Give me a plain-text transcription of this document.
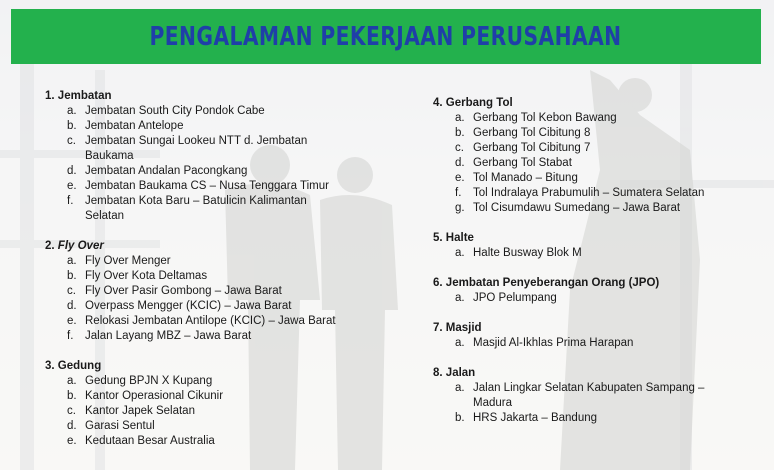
PENGALAMAN PEKERJAAN PERUSAHAAN
1. Jembatan
a. Jembatan South City Pondok Cabe
b. Jembatan Antelope
c. Jembatan Sungai Lookeu NTT d. Jembatan Baukama
d. Jembatan Andalan Pacongkang
e. Jembatan Baukama CS – Nusa Tenggara Timur
f. Jembatan Kota Baru – Batulicin Kalimantan Selatan
2. Fly Over
a. Fly Over Menger
b. Fly Over Kota Deltamas
c. Fly Over Pasir Gombong – Jawa Barat
d. Overpass Mengger (KCIC) – Jawa Barat
e. Relokasi Jembatan Antilope (KCIC) – Jawa Barat
f. Jalan Layang MBZ – Jawa Barat
3. Gedung
a. Gedung BPJN X Kupang
b. Kantor Operasional Cikunir
c. Kantor Japek Selatan
d. Garasi Sentul
e. Kedutaan Besar Australia
4. Gerbang Tol
a. Gerbang Tol Kebon Bawang
b. Gerbang Tol Cibitung 8
c. Gerbang Tol Cibitung 7
d. Gerbang Tol Stabat
e. Tol Manado – Bitung
f. Tol Indralaya Prabumulih – Sumatera Selatan
g. Tol Cisumdawu Sumedang – Jawa Barat
5. Halte
a. Halte Busway Blok M
6. Jembatan Penyeberangan Orang (JPO)
a. JPO Pelumpang
7. Masjid
a. Masjid Al-Ikhlas Prima Harapan
8. Jalan
a. Jalan Lingkar Selatan Kabupaten Sampang – Madura
b. HRS Jakarta – Bandung
